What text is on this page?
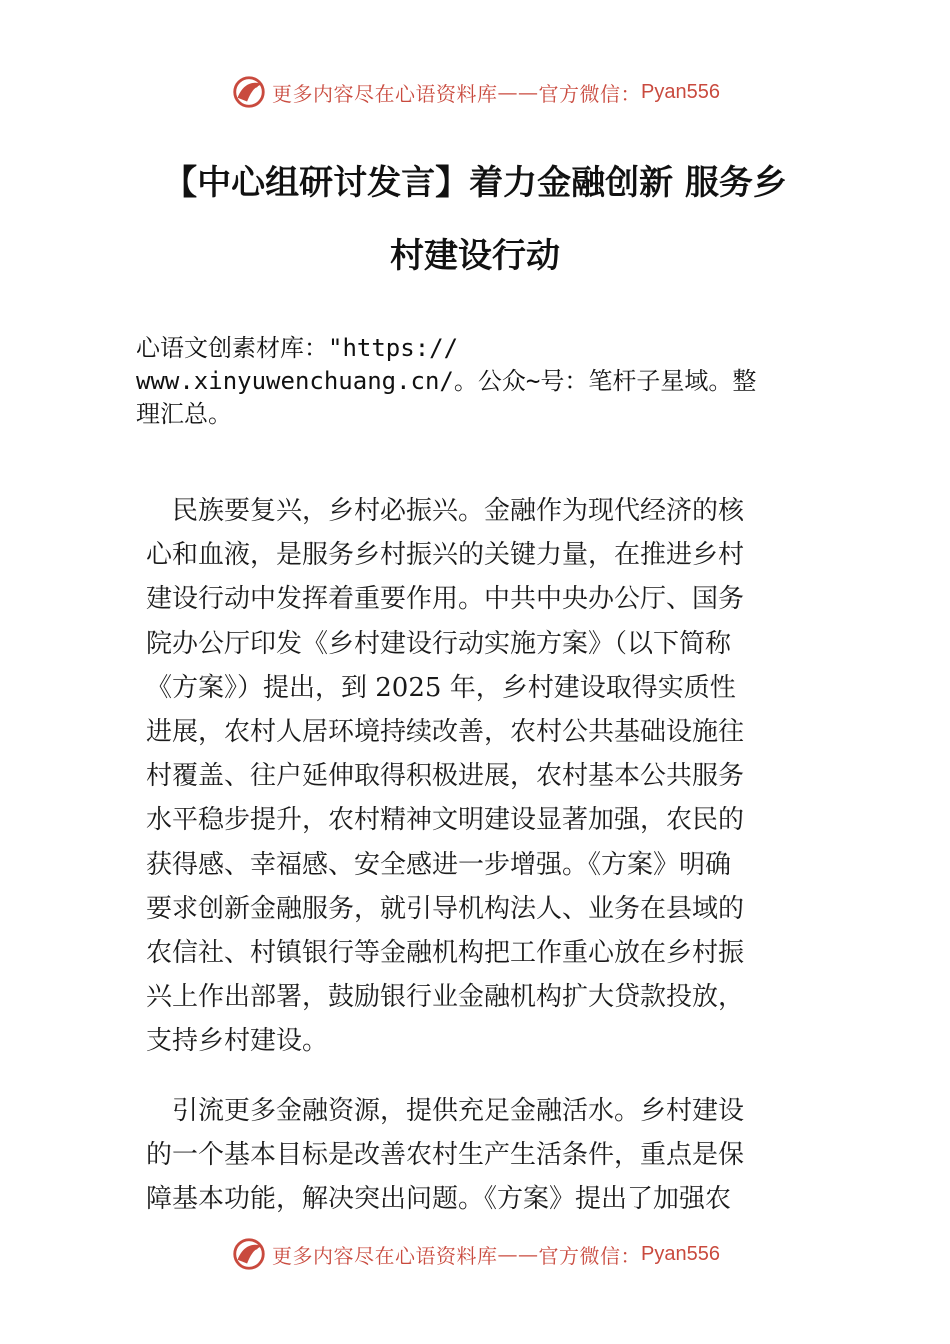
更多内容尽在心语资料库 —— 官方微信： Pyan556
【中心组研讨发言】着力金融创新 服务乡
村建设行动
心语文创素材库："https://
www.xinyuwenchuang.cn/。公众~号：笔杆子星域。整
理汇总。
　民族要复兴，乡村必振兴。金融作为现代经济的核
心和血液，是服务乡村振兴的关键力量，在推进乡村
建设行动中发挥着重要作用。中共中央办公厅、国务
院办公厅印发《乡村建设行动实施方案》（以下简称
《方案》）提出，到 2025 年，乡村建设取得实质性
进展，农村人居环境持续改善，农村公共基础设施往
村覆盖、往户延伸取得积极进展，农村基本公共服务
水平稳步提升，农村精神文明建设显著加强，农民的
获得感、幸福感、安全感进一步增强。《方案》明确
要求创新金融服务，就引导机构法人、业务在县域的
农信社、村镇银行等金融机构把工作重心放在乡村振
兴上作出部署，鼓励银行业金融机构扩大贷款投放，
支持乡村建设。
　引流更多金融资源，提供充足金融活水。乡村建设
的一个基本目标是改善农村生产生活条件，重点是保
障基本功能，解决突出问题。《方案》提出了加强农
更多内容尽在心语资料库 —— 官方微信： Pyan556
